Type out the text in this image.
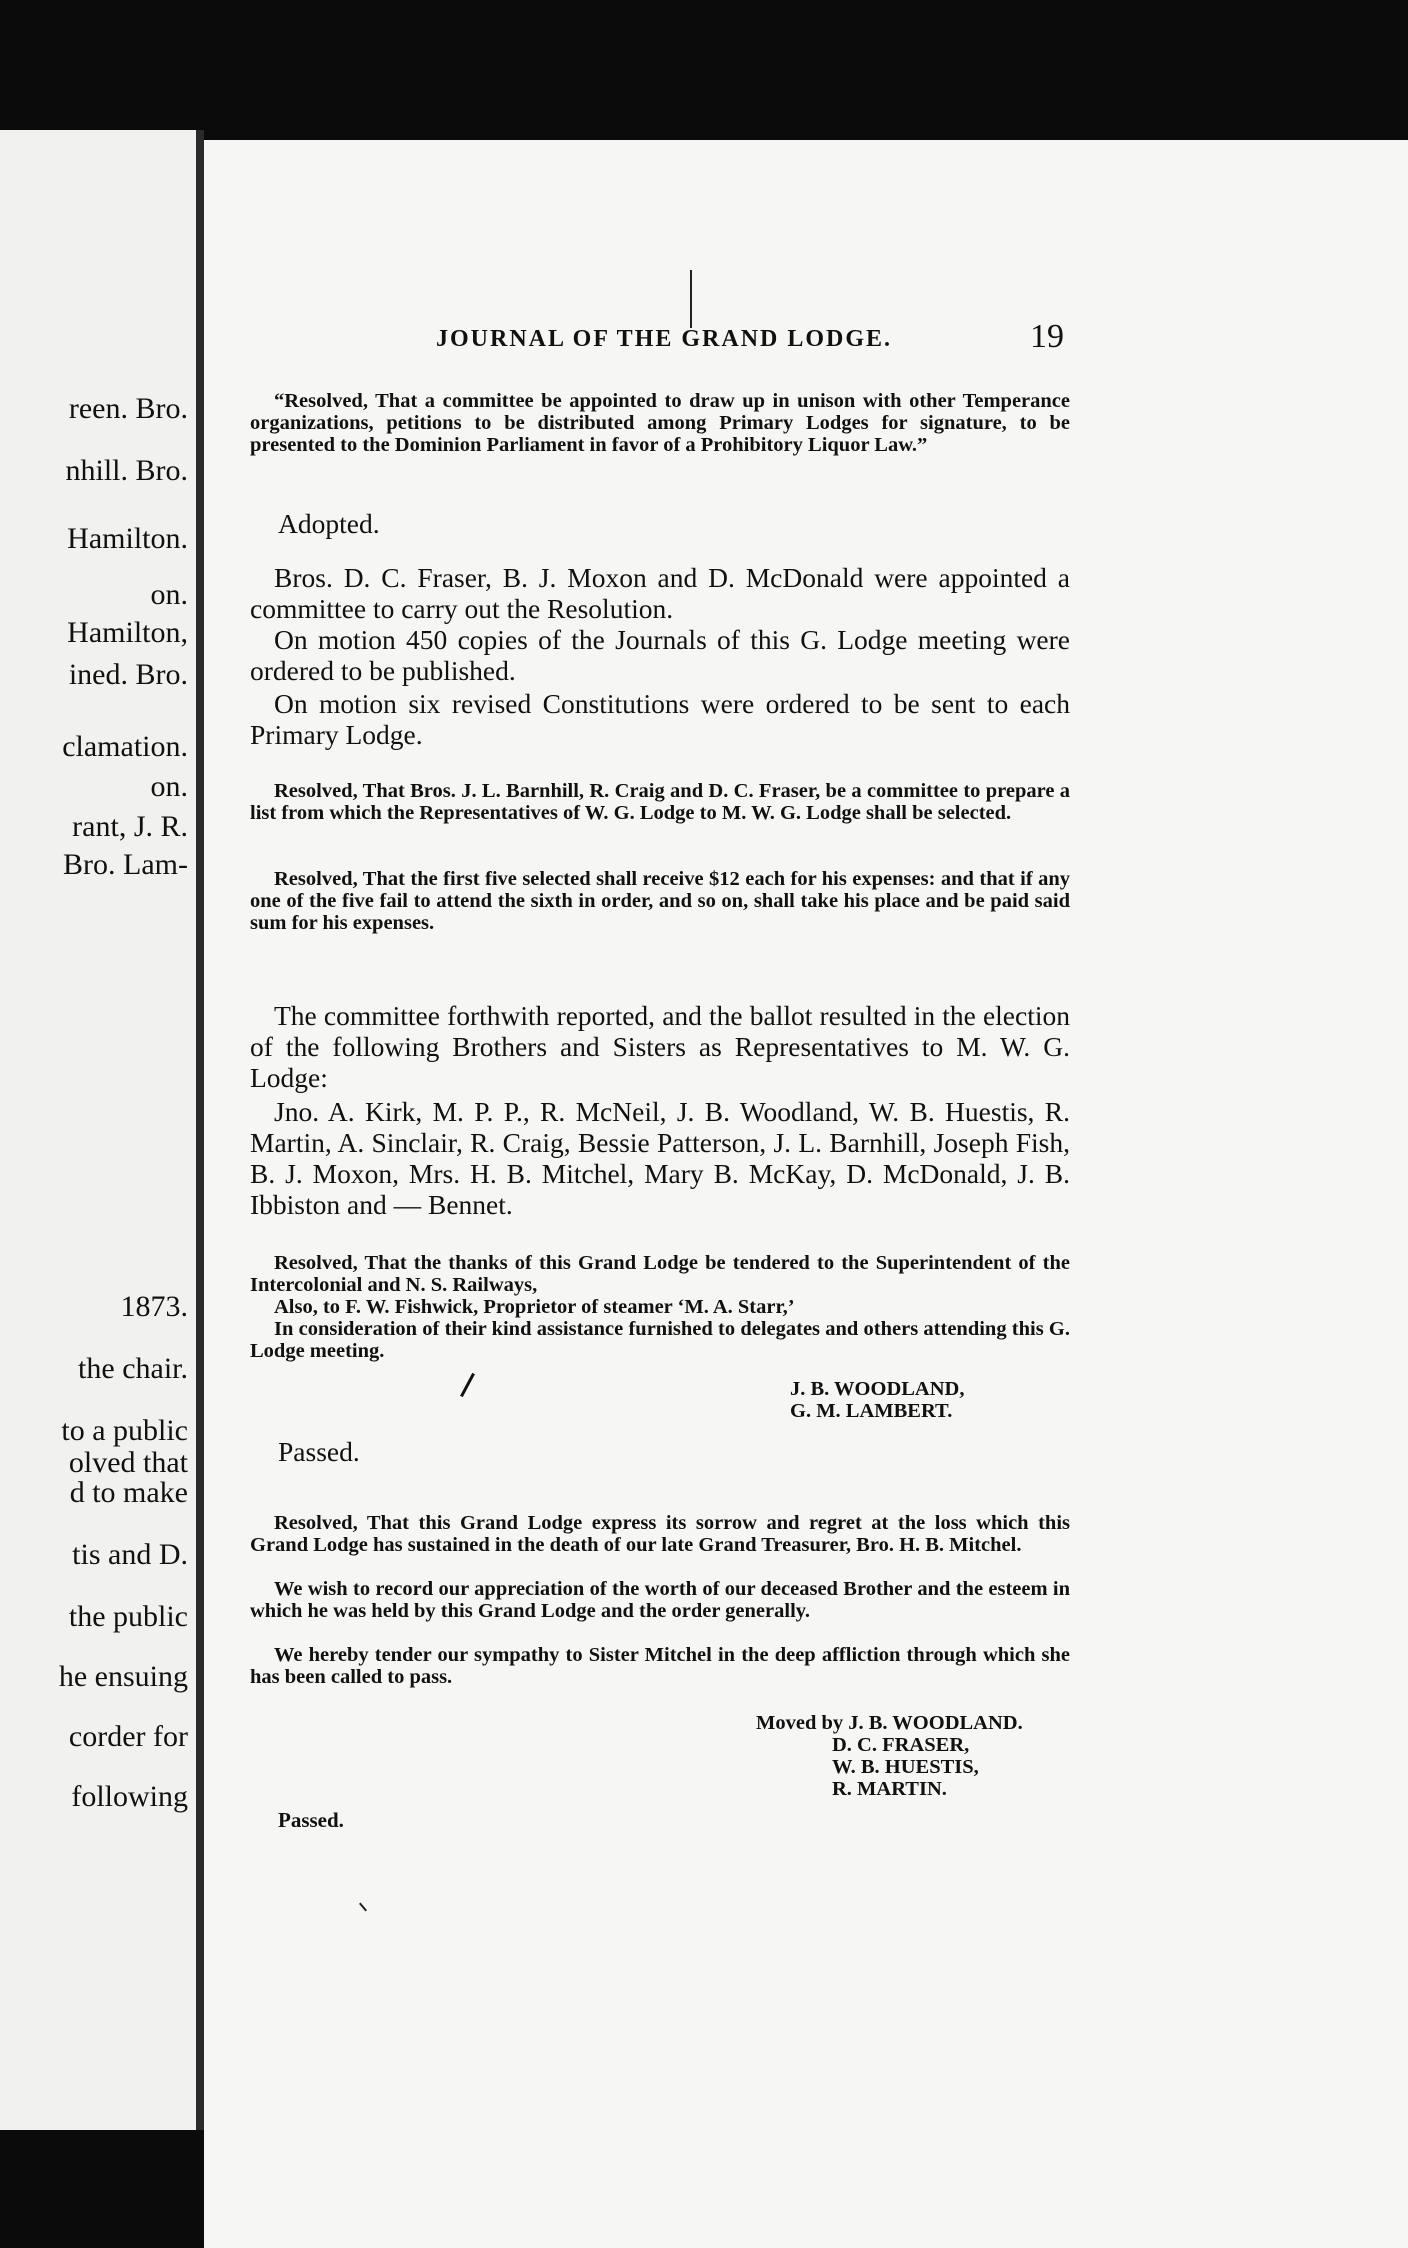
reen. Bro.
nhill. Bro.
Hamilton.
on.
Hamilton,
ined. Bro.
clamation.
on.
rant, J. R.
Bro. Lam-
1873.
the chair.
to a public
olved that
d to make
tis and D.
the public
he ensuing
corder for
following
JOURNAL OF THE GRAND LODGE.	19

“Resolved, That a committee be appointed to draw up in unison with other Temperance organizations, petitions to be distributed among Primary Lodges for signature, to be presented to the Dominion Parliament in favor of a Prohibitory Liquor Law.”

Adopted.

Bros. D. C. Fraser, B. J. Moxon and D. McDonald were appointed a committee to carry out the Resolution.

On motion 450 copies of the Journals of this G. Lodge meeting were ordered to be published.

On motion six revised Constitutions were ordered to be sent to each Primary Lodge.

Resolved, That Bros. J. L. Barnhill, R. Craig and D. C. Fraser, be a committee to prepare a list from which the Representatives of W. G. Lodge to M. W. G. Lodge shall be selected.

Resolved, That the first five selected shall receive $12 each for his expenses: and that if any one of the five fail to attend the sixth in order, and so on, shall take his place and be paid said sum for his expenses.

The committee forthwith reported, and the ballot resulted in the election of the following Brothers and Sisters as Representatives to M. W. G. Lodge:

Jno. A. Kirk, M. P. P., R. McNeil, J. B. Woodland, W. B. Huestis, R. Martin, A. Sinclair, R. Craig, Bessie Patterson, J. L. Barnhill, Joseph Fish, B. J. Moxon, Mrs. H. B. Mitchel, Mary B. McKay, D. McDonald, J. B. Ibbiston and — Bennet.

Resolved, That the thanks of this Grand Lodge be tendered to the Superintendent of the Intercolonial and N. S. Railways,

Also, to F. W. Fishwick, Proprietor of steamer ‘M. A. Starr,’

In consideration of their kind assistance furnished to delegates and others attending this G. Lodge meeting.

J. B. WOODLAND,
G. M. LAMBERT.
Passed.

Resolved, That this Grand Lodge express its sorrow and regret at the loss which this Grand Lodge has sustained in the death of our late Grand Treasurer, Bro. H. B. Mitchel.

We wish to record our appreciation of the worth of our deceased Brother and the esteem in which he was held by this Grand Lodge and the order generally.

We hereby tender our sympathy to Sister Mitchel in the deep affliction through which she has been called to pass.

Moved by J. B. WOODLAND.
D. C. FRASER,
W. B. HUESTIS,
R. MARTIN.
Passed.
